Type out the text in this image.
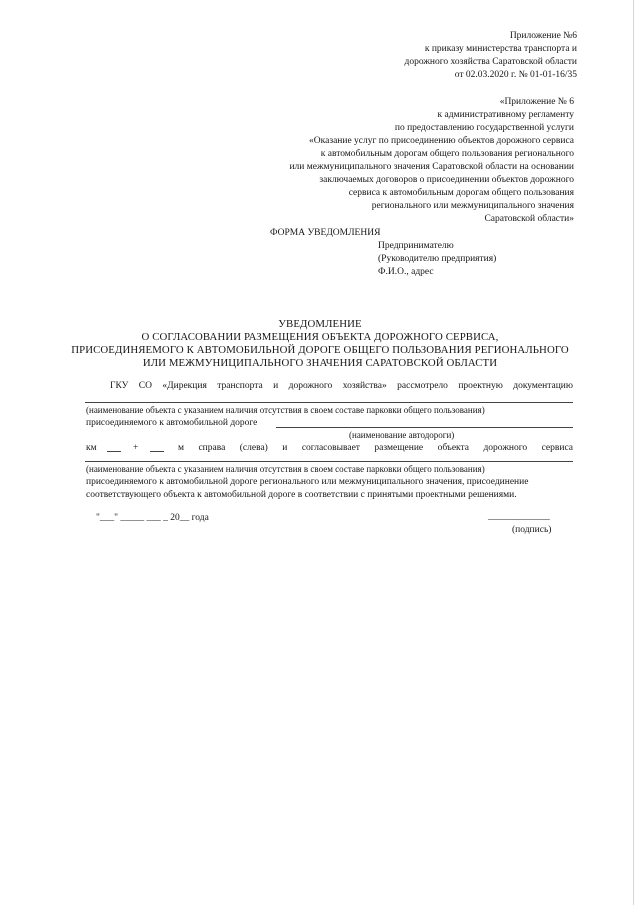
Приложение №6
к приказу министерства транспорта и
дорожного хозяйства Саратовской области
от 02.03.2020 г. № 01-01-16/35
«Приложение № 6
к административному регламенту
по предоставлению государственной услуги
«Оказание услуг по присоединению объектов дорожного сервиса
к автомобильным дорогам общего пользования регионального
или межмуниципального значения Саратовской области на основании
заключаемых договоров о присоединении объектов дорожного
сервиса к автомобильным дорогам общего пользования
регионального или межмуниципального значения
Саратовской области»
ФОРМА УВЕДОМЛЕНИЯ
Предпринимателю
(Руководителю предприятия)
Ф.И.О., адрес
УВЕДОМЛЕНИЕ
О СОГЛАСОВАНИИ РАЗМЕЩЕНИЯ ОБЪЕКТА ДОРОЖНОГО СЕРВИСА,
ПРИСОЕДИНЯЕМОГО К АВТОМОБИЛЬНОЙ ДОРОГЕ ОБЩЕГО ПОЛЬЗОВАНИЯ РЕГИОНАЛЬНОГО
ИЛИ МЕЖМУНИЦИПАЛЬНОГО ЗНАЧЕНИЯ САРАТОВСКОЙ ОБЛАСТИ
ГКУ СО «Дирекция транспорта и дорожного хозяйства» рассмотрело проектную документацию
(наименование объекта с указанием наличия отсутствия в своем составе парковки общего пользования)
присоединяемого к автомобильной дороге
(наименование автодороги)
км	+	м справа (слева) и согласовывает размещение объекта дорожного сервиса
(наименование объекта с указанием наличия отсутствия в своем составе парковки общего пользования)
присоединяемого к автомобильной дороге регионального или межмуниципального значения, присоединение
соответствующего объекта к автомобильной дороге в соответствии с принятыми проектными решениями.
"___" _____ ___ _ 20__ года	_____________
(подпись)
